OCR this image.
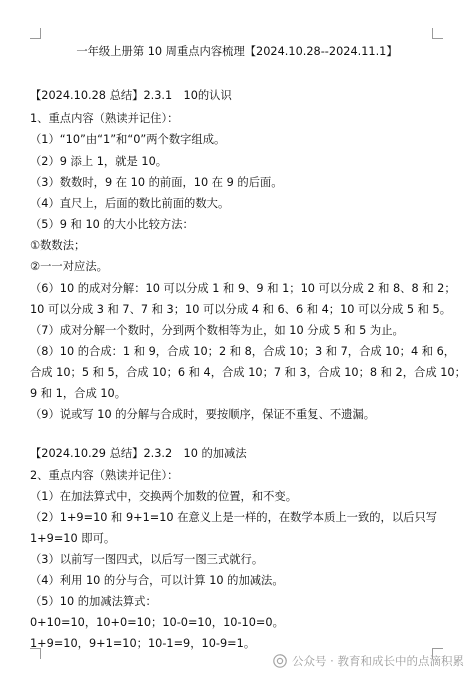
一年级上册第 10 周重点内容梳理【2024.10.28--2024.11.1】
【2024.10.28 总结】2.3.1　10的认识
1、重点内容（熟读并记住）：
（1）“10”由“1”和“0”两个数字组成。
（2）9 添上 1，就是 10。
（3）数数时，9 在 10 的前面，10 在 9 的后面。
（4）直尺上，后面的数比前面的数大。
（5）9 和 10 的大小比较方法：
①数数法；
②一一对应法。
（6）10 的成对分解：10 可以分成 1 和 9、9 和 1；10 可以分成 2 和 8、8 和 2；
10 可以分成 3 和 7、7 和 3；10 可以分成 4 和 6、6 和 4；10 可以分成 5 和 5。
（7）成对分解一个数时，分到两个数相等为止，如 10 分成 5 和 5 为止。
（8）10 的合成：1 和 9，合成 10；2 和 8，合成 10；3 和 7，合成 10；4 和 6，
合成 10；5 和 5，合成 10；6 和 4，合成 10；7 和 3，合成 10；8 和 2，合成 10；
9 和 1，合成 10。
（9）说或写 10 的分解与合成时，要按顺序，保证不重复、不遗漏。
【2024.10.29 总结】2.3.2　10 的加减法
2、重点内容（熟读并记住）：
（1）在加法算式中，交换两个加数的位置，和不变。
（2）1+9=10 和 9+1=10 在意义上是一样的，在数学本质上一致的，以后只写
1+9=10 即可。
（3）以前写一图四式，以后写一图三式就行。
（4）利用 10 的分与合，可以计算 10 的加减法。
（5）10 的加减法算式：
0+10=10，10+0=10；10-0=10，10-10=0。
1+9=10，9+1=10；10-1=9，10-9=1。
公众号 · 教育和成长中的点滴积累
